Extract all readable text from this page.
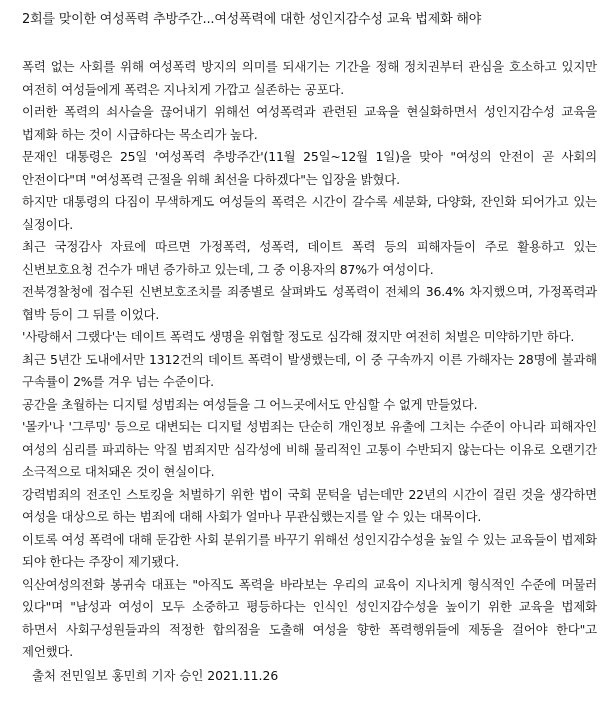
2회를 맞이한 여성폭력 추방주간...여성폭력에 대한 성인지감수성 교육 법제화 해야

폭력 없는 사회를 위해 여성폭력 방지의 의미를 되새기는 기간을 정해 정치권부터 관심을 호소하고 있지만 여전히 여성들에게 폭력은 지나치게 가깝고 실존하는 공포다.

이러한 폭력의 쇠사슬을 끊어내기 위해선 여성폭력과 관련된 교육을 현실화하면서 성인지감수성 교육을 법제화 하는 것이 시급하다는 목소리가 높다.

문재인 대통령은 25일 '여성폭력 추방주간'(11월 25일~12월 1일)을 맞아 "여성의 안전이 곧 사회의 안전이다"며 "여성폭력 근절을 위해 최선을 다하겠다"는 입장을 밝혔다.

하지만 대통령의 다짐이 무색하게도 여성들의 폭력은 시간이 갈수록 세분화, 다양화, 잔인화 되어가고 있는 실정이다.

최근 국정감사 자료에 따르면 가정폭력, 성폭력, 데이트 폭력 등의 피해자들이 주로 활용하고 있는 신변보호요청 건수가 매년 증가하고 있는데, 그 중 이용자의 87%가 여성이다.

전북경찰청에 접수된 신변보호조치를 죄종별로 살펴봐도 성폭력이 전체의 36.4% 차지했으며, 가정폭력과 협박 등이 그 뒤를 이었다.

'사랑해서 그랬다'는 데이트 폭력도 생명을 위협할 정도로 심각해 졌지만 여전히 처벌은 미약하기만 하다.

최근 5년간 도내에서만 1312건의 데이트 폭력이 발생했는데, 이 중 구속까지 이른 가해자는 28명에 불과해 구속률이 2%를 겨우 넘는 수준이다.

공간을 초월하는 디지털 성범죄는 여성들을 그 어느곳에서도 안심할 수 없게 만들었다.

'몰카'나 '그루밍' 등으로 대변되는 디지털 성범죄는 단순히 개인정보 유출에 그치는 수준이 아니라 피해자인 여성의 심리를 파괴하는 악질 범죄지만 심각성에 비해 물리적인 고통이 수반되지 않는다는 이유로 오랜기간 소극적으로 대처돼온 것이 현실이다.

강력범죄의 전조인 스토킹을 처벌하기 위한 법이 국회 문턱을 넘는데만 22년의 시간이 걸린 것을 생각하면 여성을 대상으로 하는 범죄에 대해 사회가 얼마나 무관심했는지를 알 수 있는 대목이다.

이토록 여성 폭력에 대해 둔감한 사회 분위기를 바꾸기 위해선 성인지감수성을 높일 수 있는 교육들이 법제화 되야 한다는 주장이 제기됐다.

익산여성의전화 봉귀숙 대표는 "아직도 폭력을 바라보는 우리의 교육이 지나치게 형식적인 수준에 머물러 있다"며 "남성과 여성이 모두 소중하고 평등하다는 인식인 성인지감수성을 높이기 위한 교육을 법제화 하면서 사회구성원들과의 적정한 합의점을 도출해 여성을 향한 폭력행위들에 제동을 걸어야 한다"고 제언했다.

출처 전민일보 홍민희 기자 승인 2021.11.26
